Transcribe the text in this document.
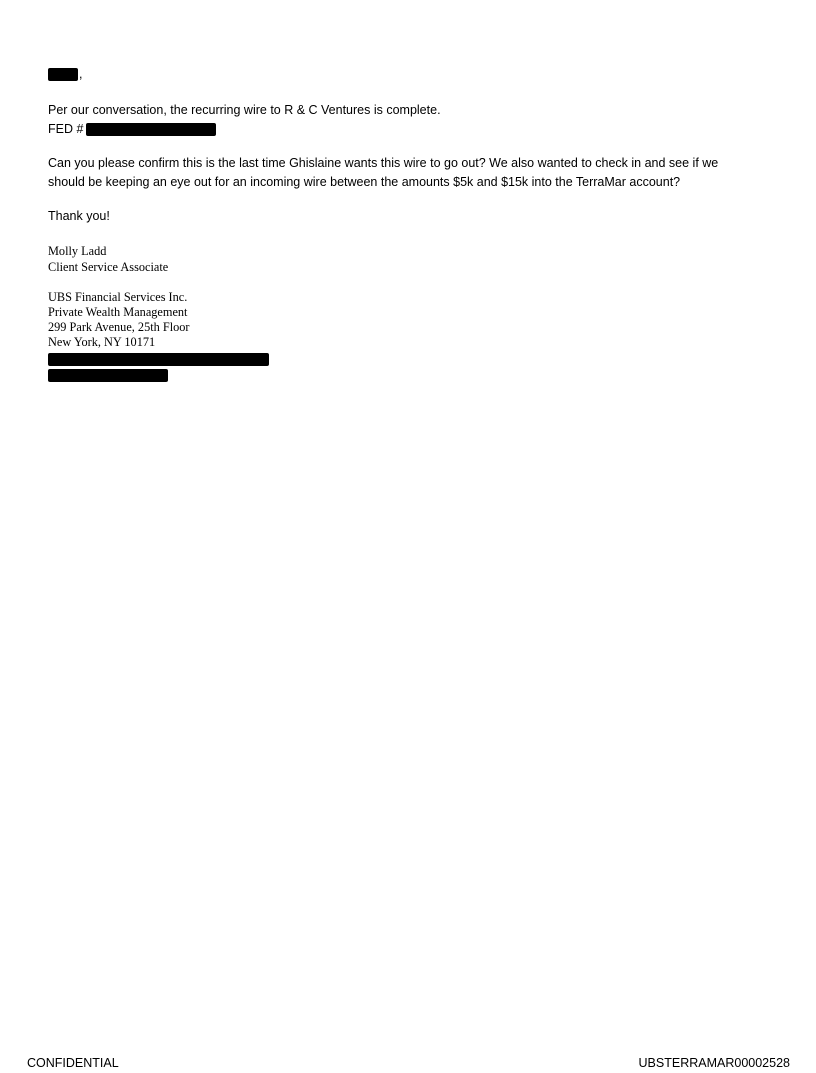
,
Per our conversation, the recurring wire to R & C Ventures is complete.
FED #
Can you please confirm this is the last time Ghislaine wants this wire to go out? We also wanted to check in and see if we
should be keeping an eye out for an incoming wire between the amounts $5k and $15k into the TerraMar account?
Thank you!
Molly Ladd
Client Service Associate
UBS Financial Services Inc.
Private Wealth Management
299 Park Avenue, 25th Floor
New York, NY 10171
CONFIDENTIAL	UBSTERRAMAR00002528
